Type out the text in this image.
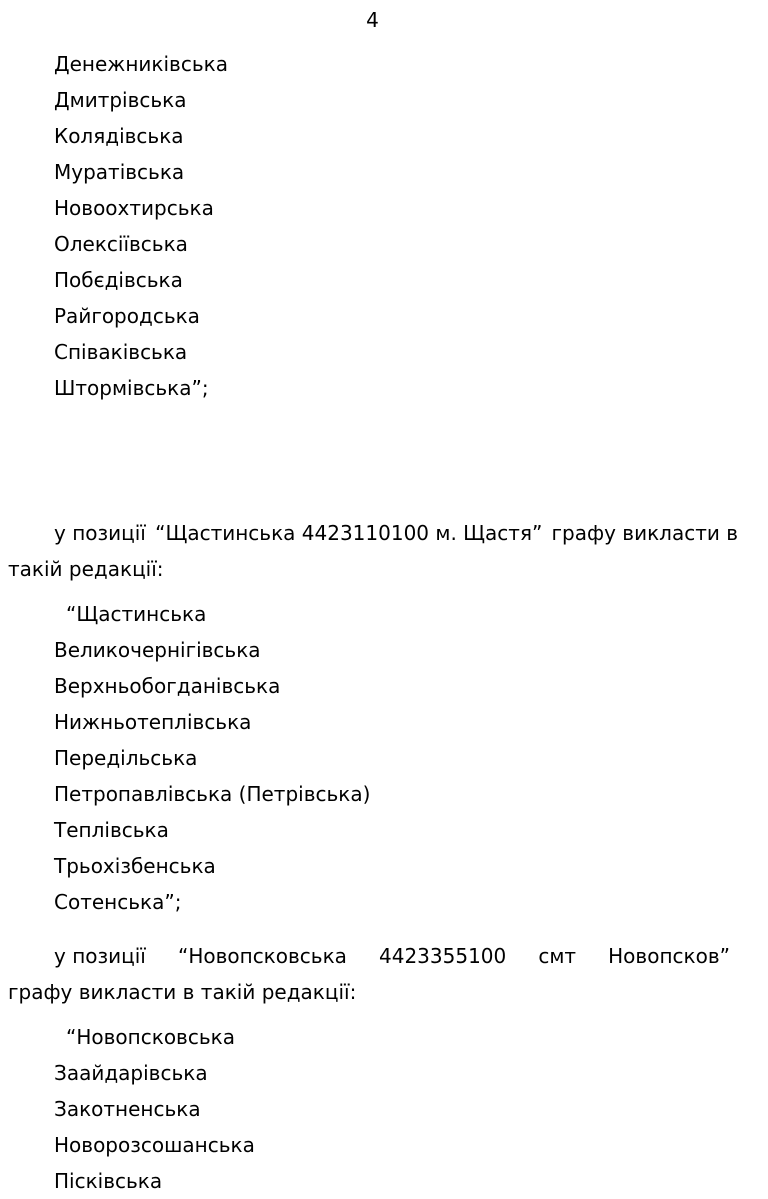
4
Денежниківська
Дмитрівська
Колядівська
Муратівська
Новоохтирська
Олексіївська
Побєдівська
Райгородська
Співаківська
Штормівська”;
у позиції “Щастинська 4423110100 м. Щастя” графу викласти в
такій редакції:
“Щастинська
Великочернігівська
Верхньобогданівська
Нижньотеплівська
Передільська
Петропавлівська (Петрівська)
Теплівська
Трьохізбенська
Сотенська”;
у позиції “Новопсковська 4423355100 смт Новопсков”
графу викласти в такій редакції:
“Новопсковська
Заайдарівська
Закотненська
Новорозсошанська
Пісківська
